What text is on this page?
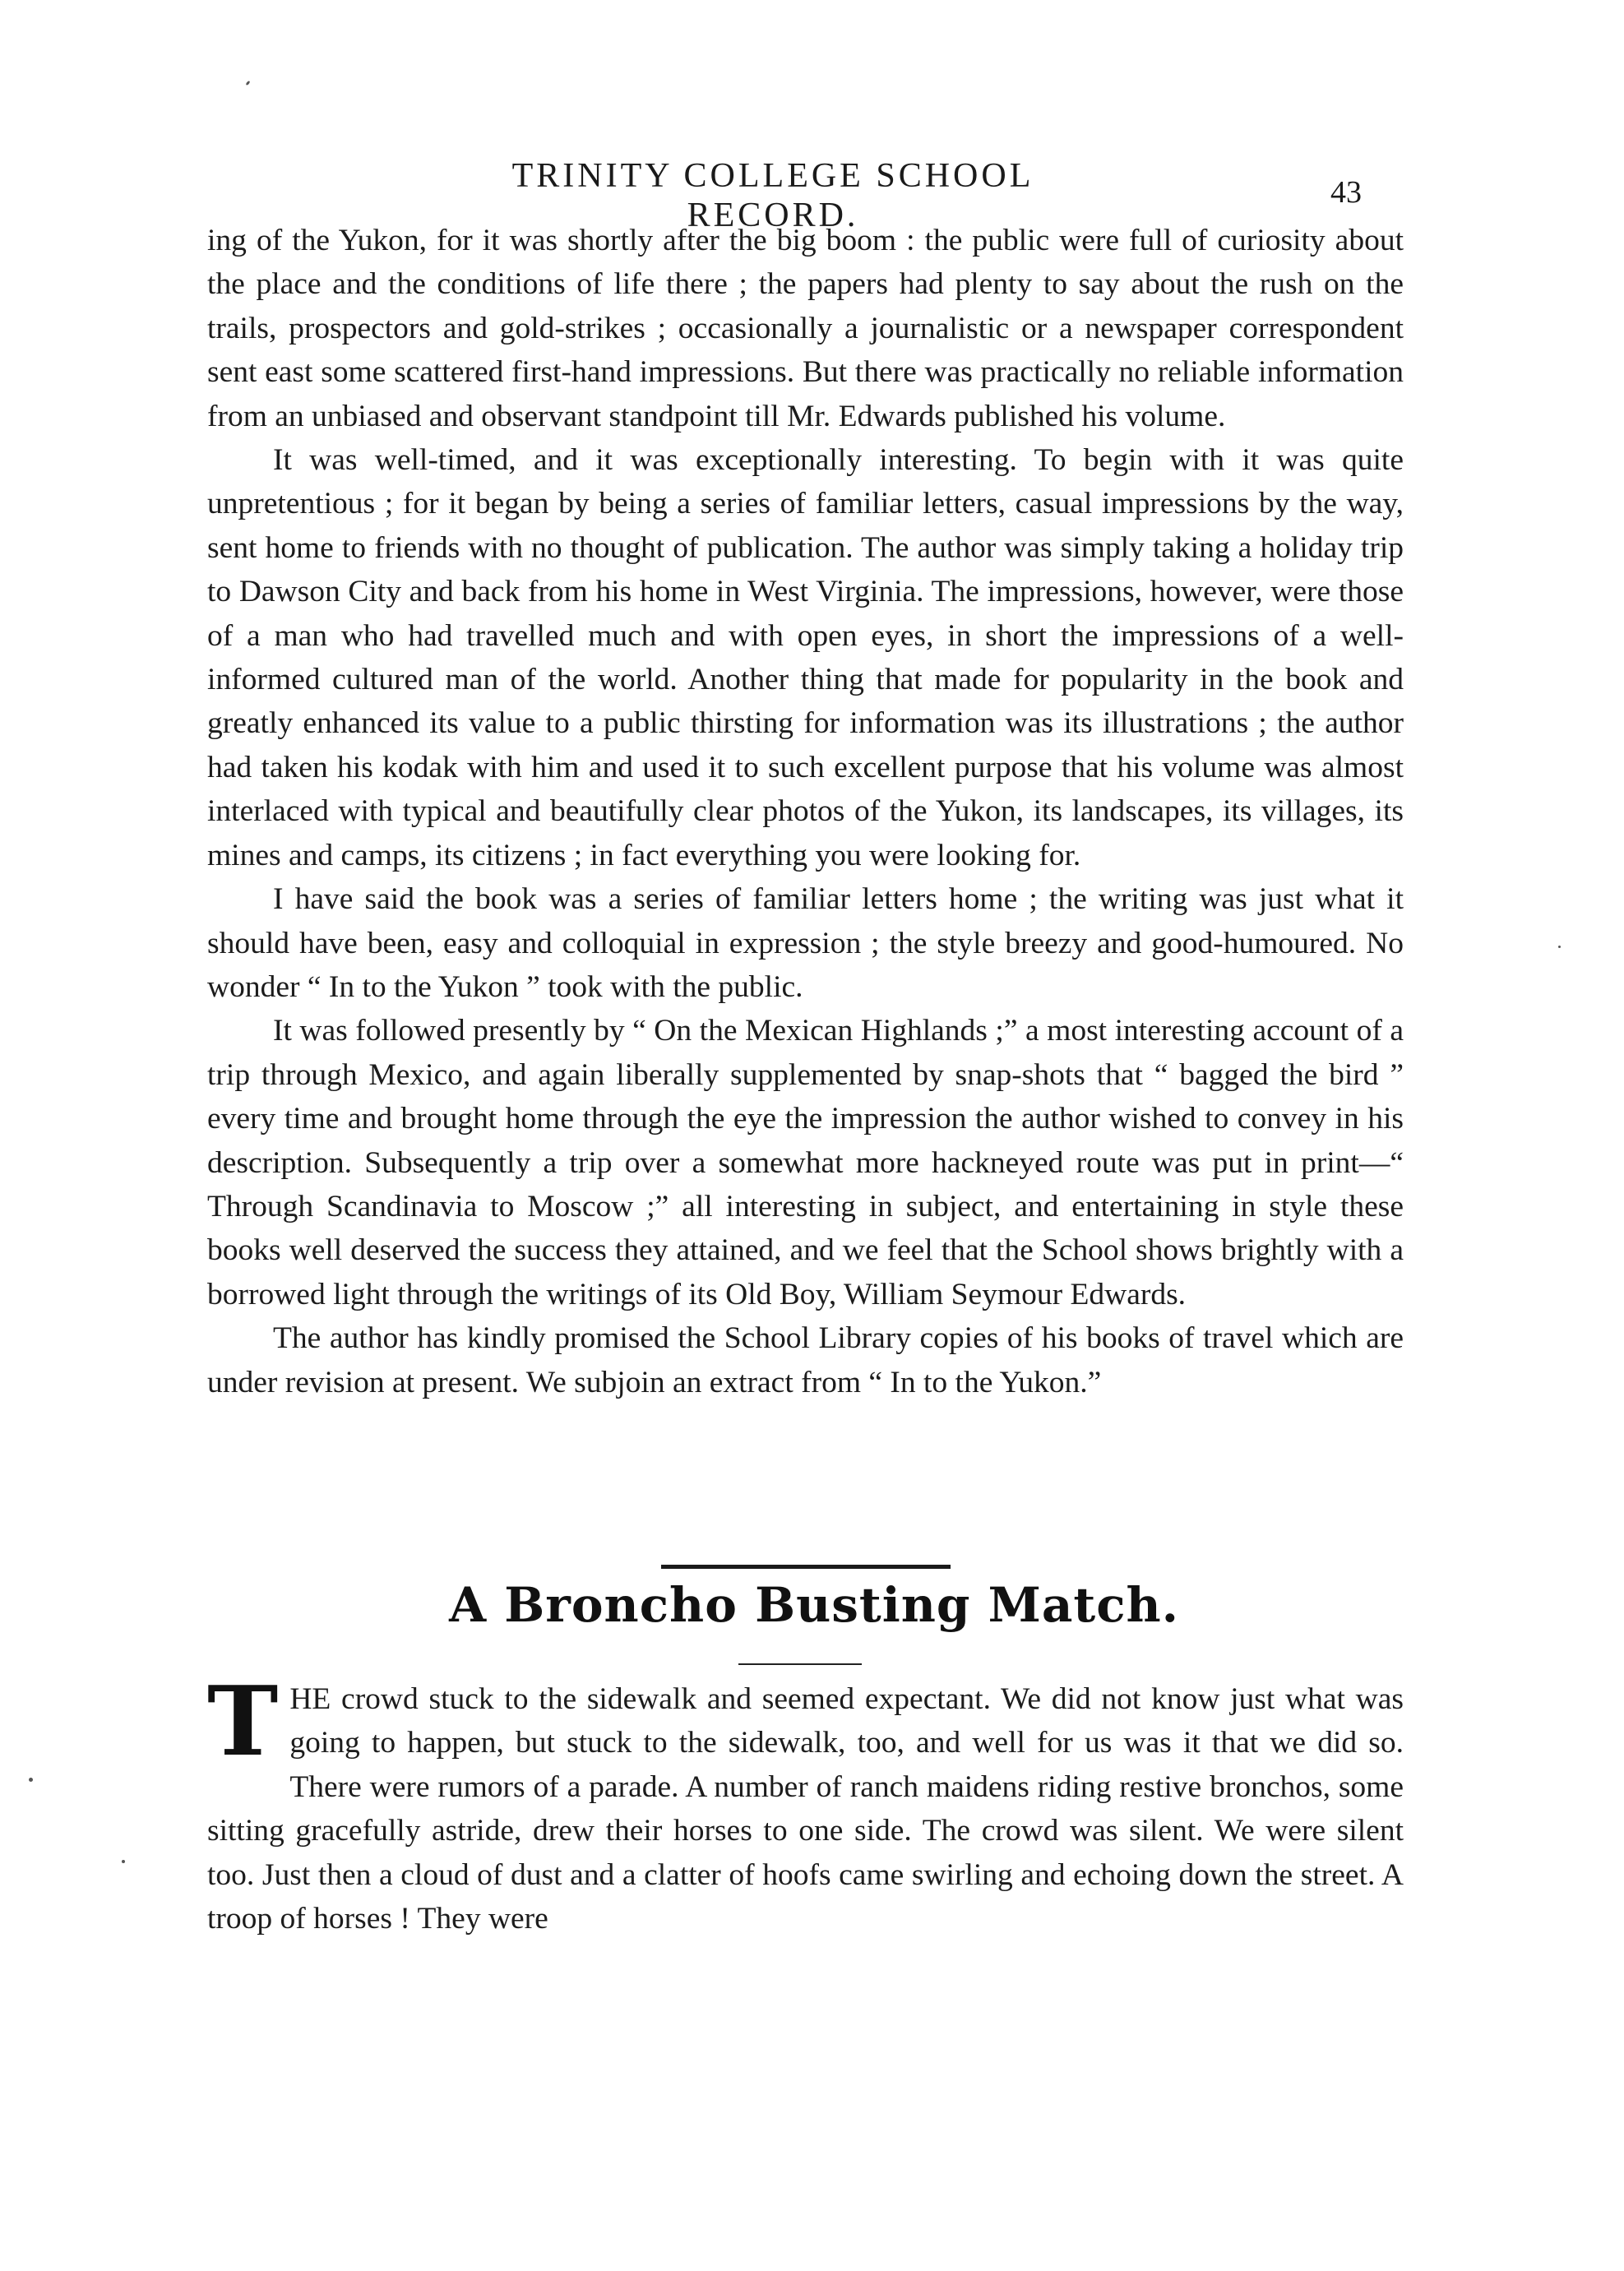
TRINITY COLLEGE SCHOOL RECORD.
43

ing of the Yukon, for it was shortly after the big boom : the public were full of curiosity about the place and the conditions of life there ; the papers had plenty to say about the rush on the trails, prospectors and gold-strikes ; occasionally a journalistic or a newspaper correspondent sent east some scattered first-hand impressions. But there was practically no reliable information from an unbiased and observant standpoint till Mr. Edwards published his volume.

It was well-timed, and it was exceptionally interesting. To begin with it was quite unpretentious ; for it began by being a series of familiar letters, casual impressions by the way, sent home to friends with no thought of publication. The author was simply taking a holiday trip to Dawson City and back from his home in West Virginia. The impressions, however, were those of a man who had travelled much and with open eyes, in short the impressions of a well-informed cultured man of the world. Another thing that made for popularity in the book and greatly enhanced its value to a public thirsting for information was its illustrations ; the author had taken his kodak with him and used it to such excellent purpose that his volume was almost interlaced with typical and beautifully clear photos of the Yukon, its landscapes, its villages, its mines and camps, its citizens ; in fact everything you were looking for.

I have said the book was a series of familiar letters home ; the writing was just what it should have been, easy and colloquial in expression ; the style breezy and good-humoured. No wonder “ In to the Yukon ” took with the public.

It was followed presently by “ On the Mexican Highlands ;” a most interesting account of a trip through Mexico, and again liberally supplemented by snap-shots that “ bagged the bird ” every time and brought home through the eye the impression the author wished to convey in his description. Subsequently a trip over a somewhat more hackneyed route was put in print—“ Through Scandinavia to Moscow ;” all interesting in subject, and entertaining in style these books well deserved the success they attained, and we feel that the School shows brightly with a borrowed light through the writings of its Old Boy, William Seymour Edwards.

The author has kindly promised the School Library copies of his books of travel which are under revision at present. We subjoin an extract from “ In to the Yukon.”

A Broncho Busting Match.
T HE crowd stuck to the sidewalk and seemed expectant. We did not know just what was going to happen, but stuck to the sidewalk, too, and well for us was it that we did so. There were rumors of a parade. A number of ranch maidens riding restive bronchos, some sitting gracefully astride, drew their horses to one side. The crowd was silent. We were silent too. Just then a cloud of dust and a clatter of hoofs came swirling and echoing down the street. A troop of horses ! They were
